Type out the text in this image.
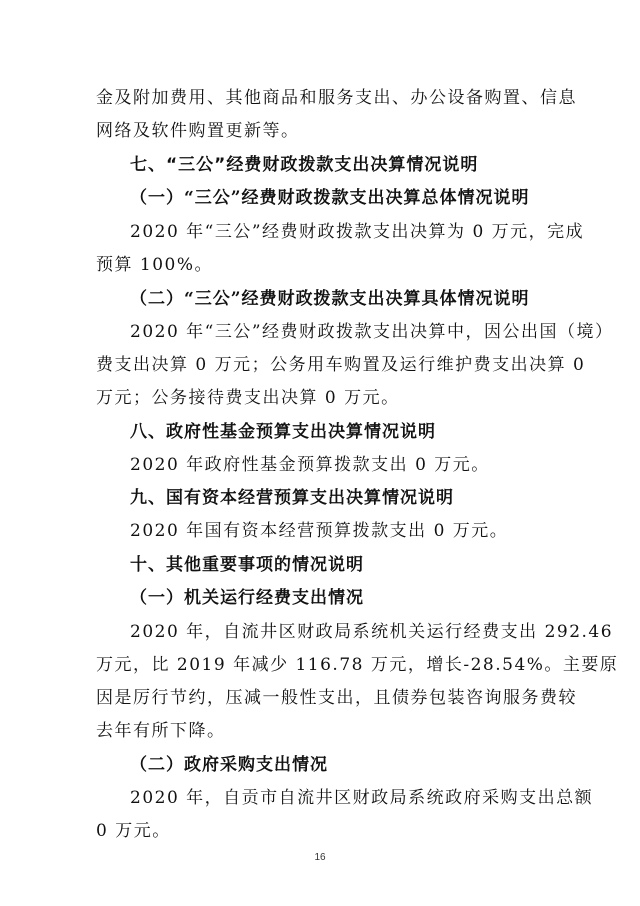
金及附加费用、其他商品和服务支出、办公设备购置、信息
网络及软件购置更新等。
七、“三公”经费财政拨款支出决算情况说明
（一）“三公”经费财政拨款支出决算总体情况说明
2020 年“三公”经费财政拨款支出决算为 0 万元，完成
预算 100%。
（二）“三公”经费财政拨款支出决算具体情况说明
2020 年“三公”经费财政拨款支出决算中，因公出国（境）
费支出决算 0 万元；公务用车购置及运行维护费支出决算 0
万元；公务接待费支出决算 0 万元。
八、政府性基金预算支出决算情况说明
2020 年政府性基金预算拨款支出 0 万元。
九、国有资本经营预算支出决算情况说明
2020 年国有资本经营预算拨款支出 0 万元。
十、其他重要事项的情况说明
（一）机关运行经费支出情况
2020 年，自流井区财政局系统机关运行经费支出 292.46
万元，比 2019 年减少 116.78 万元，增长-28.54%。主要原
因是厉行节约，压减一般性支出，且债券包装咨询服务费较
去年有所下降。
（二）政府采购支出情况
2020 年，自贡市自流井区财政局系统政府采购支出总额
0 万元。
16
